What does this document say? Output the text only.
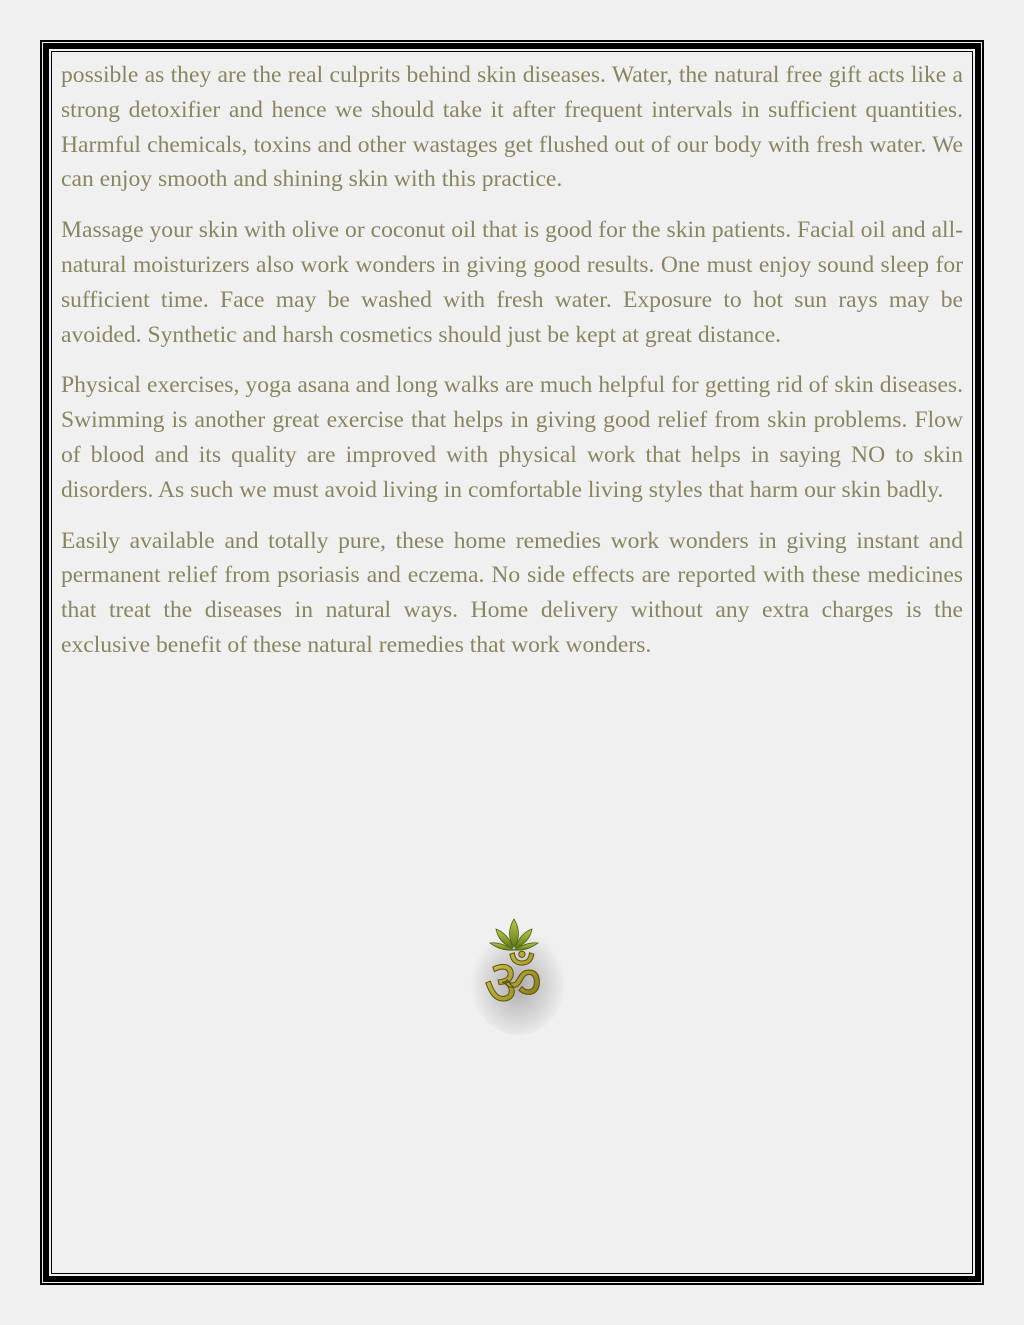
possible as they are the real culprits behind skin diseases. Water, the natural free gift acts like a strong detoxifier and hence we should take it after frequent intervals in sufficient quantities. Harmful chemicals, toxins and other wastages get flushed out of our body with fresh water. We can enjoy smooth and shining skin with this practice.

Massage your skin with olive or coconut oil that is good for the skin patients. Facial oil and all-natural moisturizers also work wonders in giving good results. One must enjoy sound sleep for sufficient time. Face may be washed with fresh water. Exposure to hot sun rays may be avoided. Synthetic and harsh cosmetics should just be kept at great distance.

Physical exercises, yoga asana and long walks are much helpful for getting rid of skin diseases. Swimming is another great exercise that helps in giving good relief from skin problems. Flow of blood and its quality are improved with physical work that helps in saying NO to skin disorders. As such we must avoid living in comfortable living styles that harm our skin badly.

Easily available and totally pure, these home remedies work wonders in giving instant and permanent relief from psoriasis and eczema. No side effects are reported with these medicines that treat the diseases in natural ways. Home delivery without any extra charges is the exclusive benefit of these natural remedies that work wonders.

ॐ
